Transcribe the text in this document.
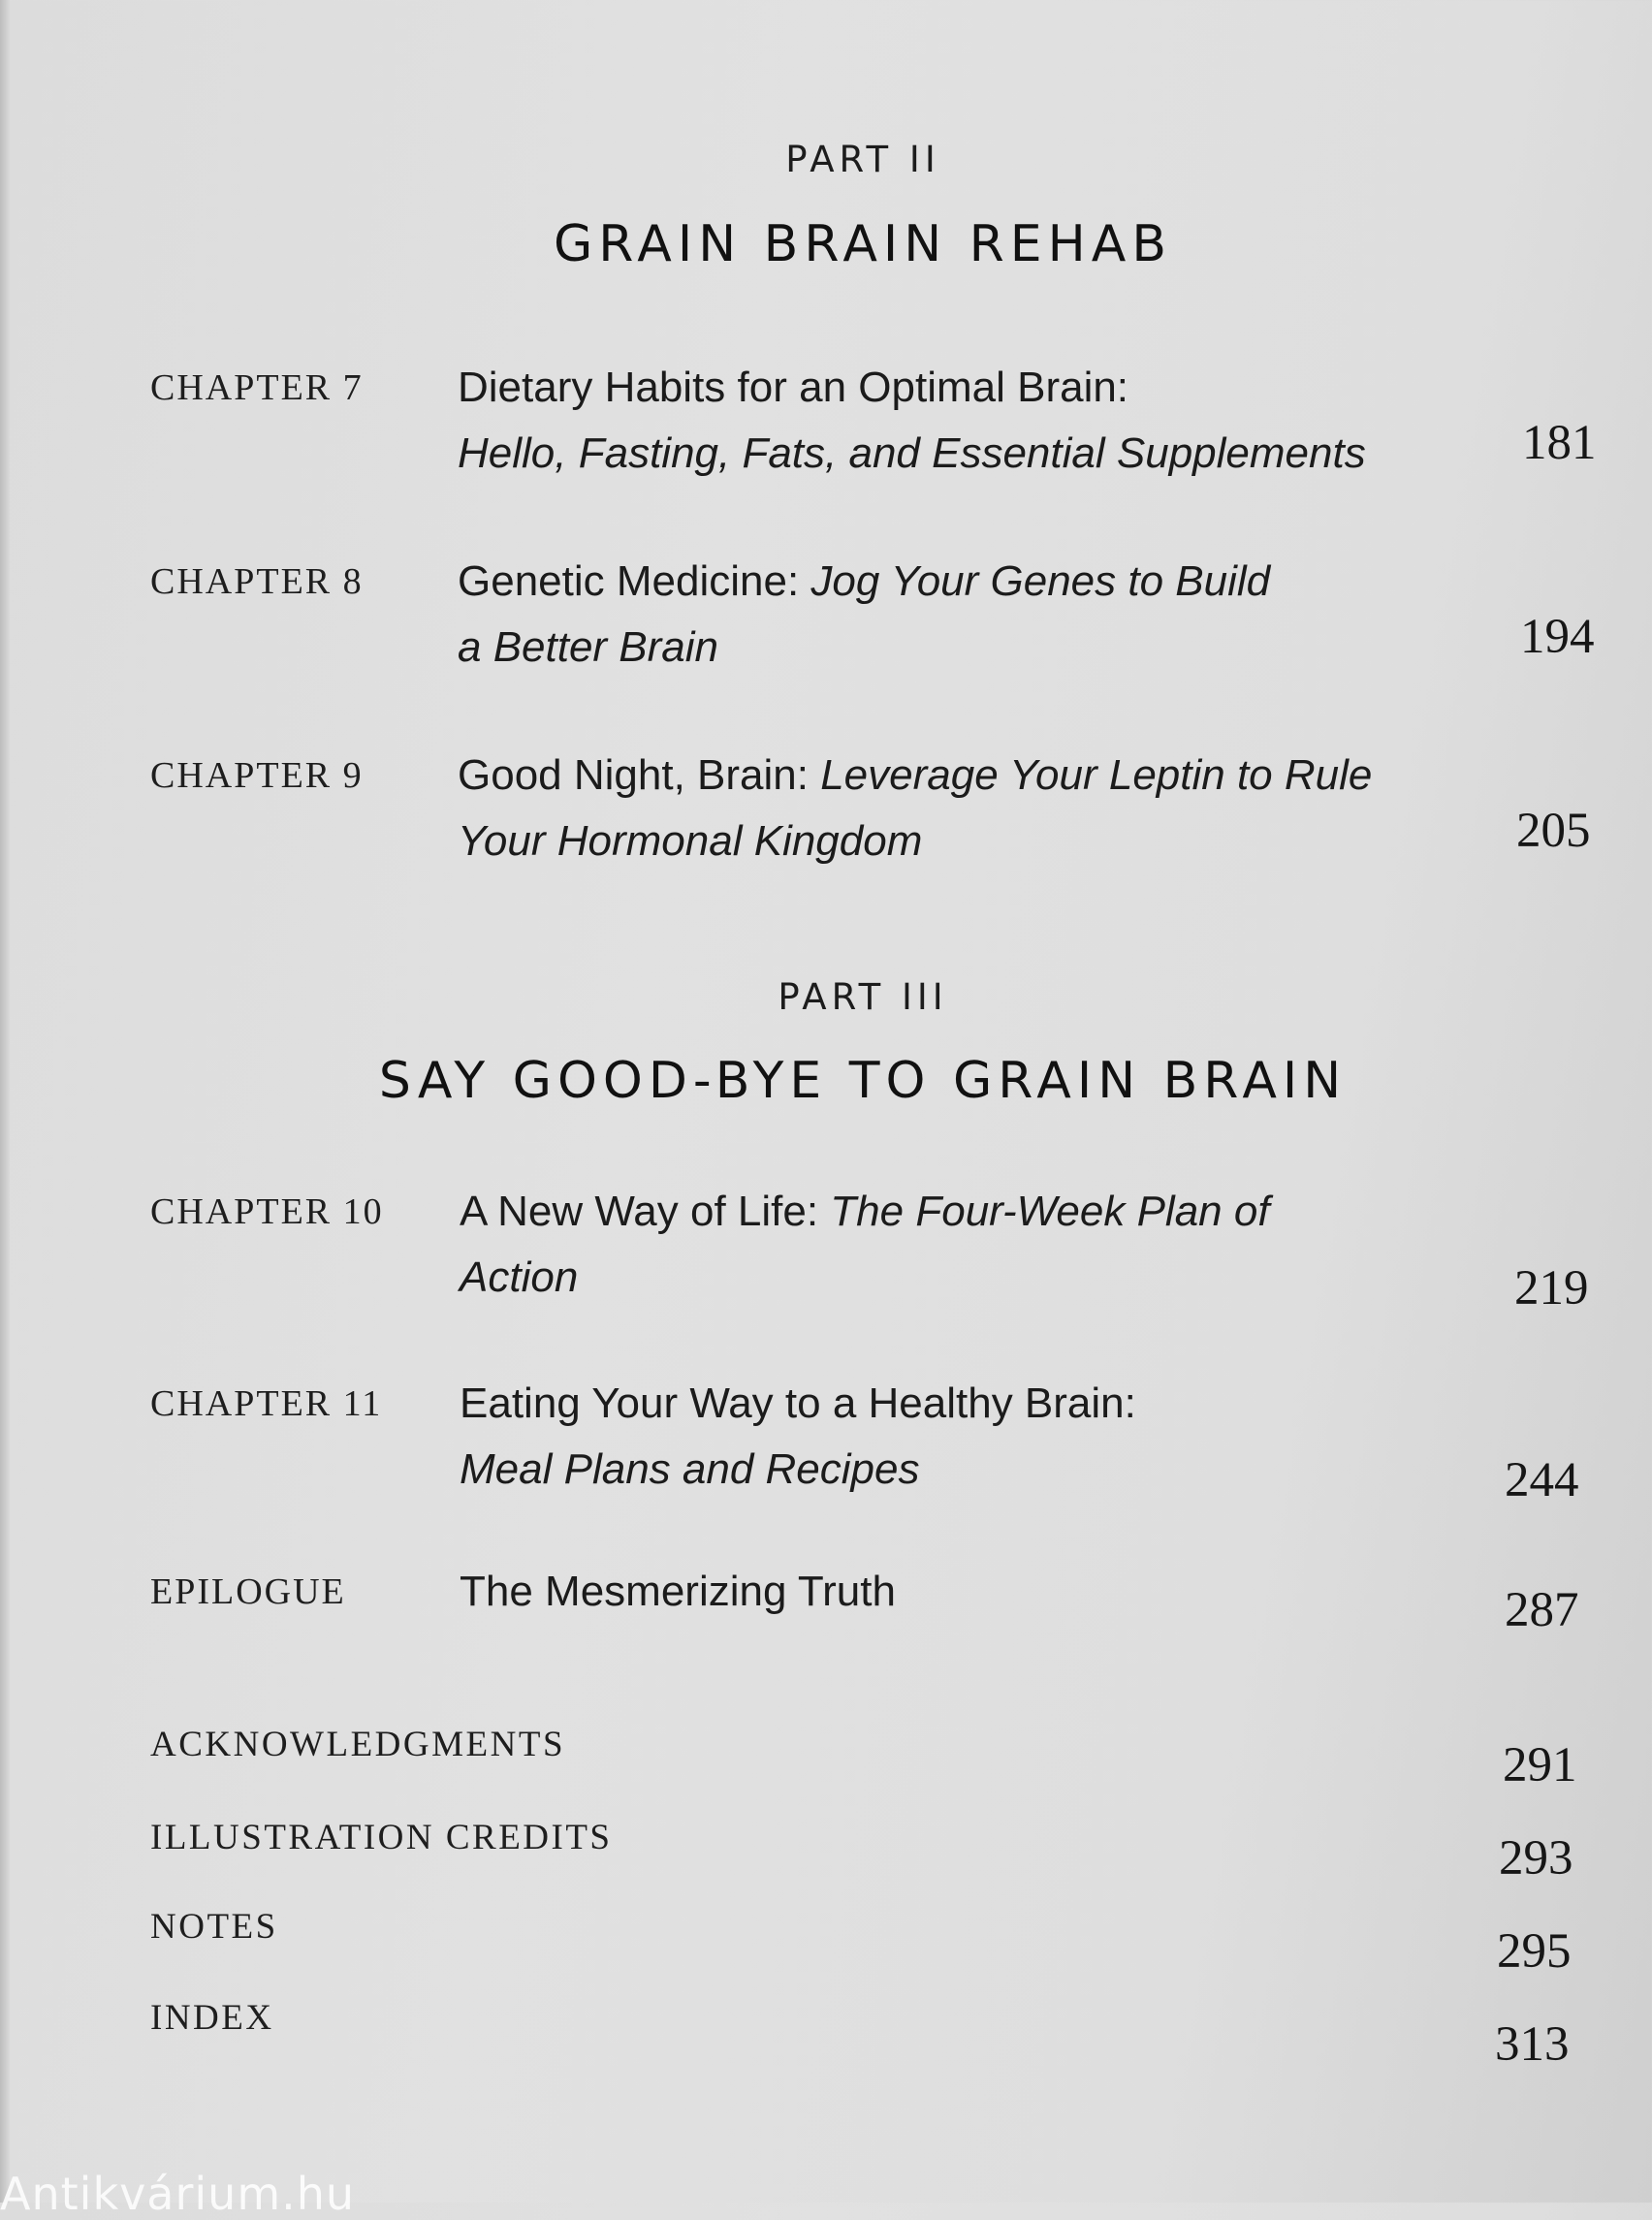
PART II
GRAIN BRAIN REHAB
CHAPTER 7 Dietary Habits for an Optimal Brain:
Hello, Fasting, Fats, and Essential Supplements	181
CHAPTER 8 Genetic Medicine: Jog Your Genes to Build a Better Brain	194
CHAPTER 9 Good Night, Brain: Leverage Your Leptin to Rule Your Hormonal Kingdom	205
PART III
SAY GOOD-BYE TO GRAIN BRAIN
CHAPTER 10 A New Way of Life: The Four-Week Plan of Action	219
CHAPTER 11 Eating Your Way to a Healthy Brain:
Meal Plans and Recipes	244
EPILOGUE	The Mesmerizing Truth	287
ACKNOWLEDGMENTS	291
ILLUSTRATION CREDITS	293
NOTES	295
INDEX	313
Antikvárium.hu
